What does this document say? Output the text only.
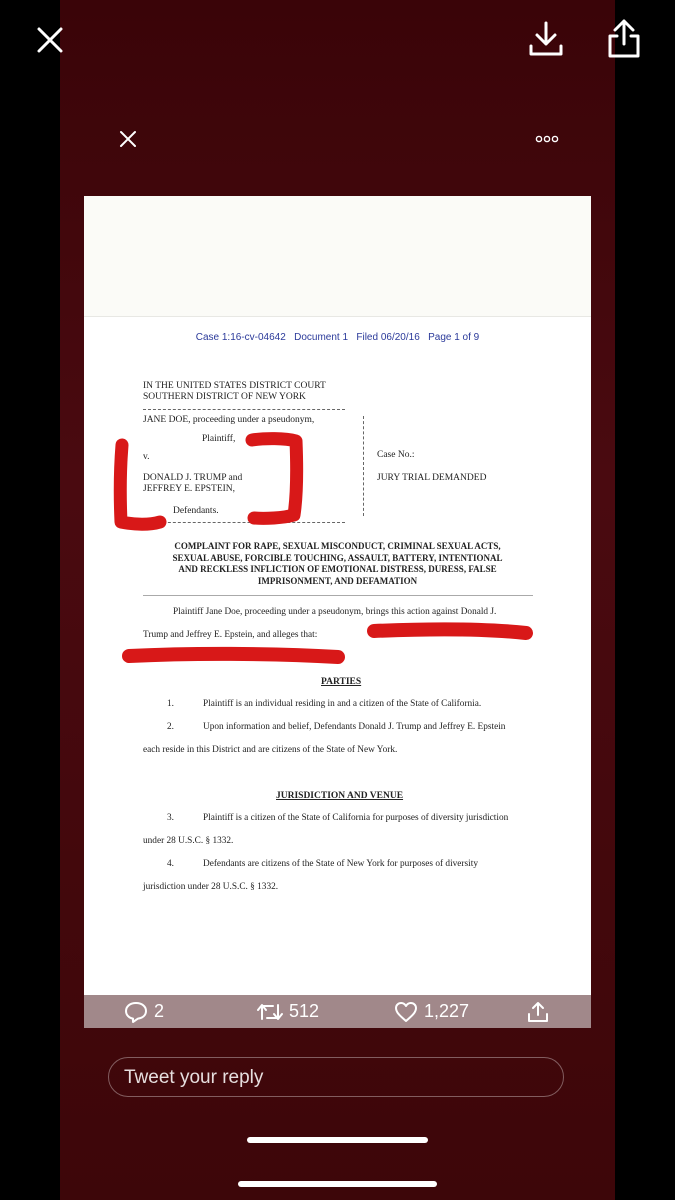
Case 1:16-cv-04642   Document 1   Filed 06/20/16   Page 1 of 9
IN THE UNITED STATES DISTRICT COURT
SOUTHERN DISTRICT OF NEW YORK
JANE DOE, proceeding under a pseudonym,
Plaintiff,
v.
DONALD J. TRUMP and
JEFFREY E. EPSTEIN,
Defendants.
Case No.:
JURY TRIAL DEMANDED
COMPLAINT FOR RAPE, SEXUAL MISCONDUCT, CRIMINAL SEXUAL ACTS,
SEXUAL ABUSE, FORCIBLE TOUCHING, ASSAULT, BATTERY, INTENTIONAL
AND RECKLESS INFLICTION OF EMOTIONAL DISTRESS, DURESS, FALSE
IMPRISONMENT, AND DEFAMATION
Plaintiff Jane Doe, proceeding under a pseudonym, brings this action against Donald J.
Trump and Jeffrey E. Epstein, and alleges that:
PARTIES
1.	Plaintiff is an individual residing in and a citizen of the State of California.
2.	Upon information and belief, Defendants Donald J. Trump and Jeffrey E. Epstein
each reside in this District and are citizens of the State of New York.
JURISDICTION AND VENUE
3.	Plaintiff is a citizen of the State of California for purposes of diversity jurisdiction
under 28 U.S.C. § 1332.
4.	Defendants are citizens of the State of New York for purposes of diversity
jurisdiction under 28 U.S.C. § 1332.
2	512	1,227
Tweet your reply
